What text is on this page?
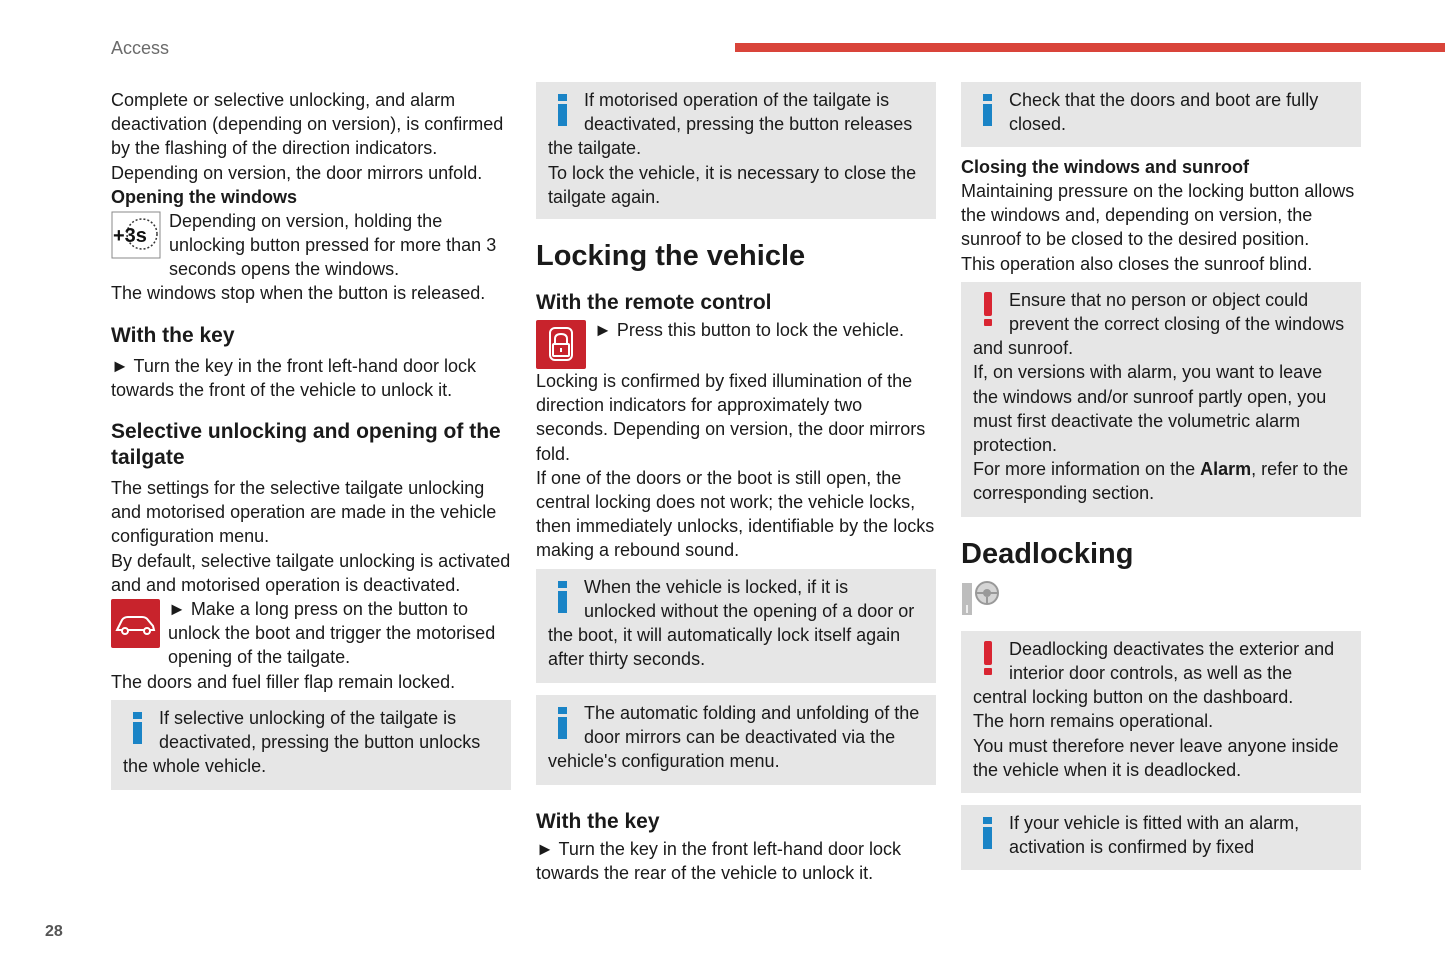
Access
28

Complete or selective unlocking, and alarm deactivation (depending on version), is confirmed by the flashing of the direction indicators.

Depending on version, the door mirrors unfold.

Opening the windows
+3s

Depending on version, holding the unlocking button pressed for more than 3 seconds opens the windows.

The windows stop when the button is released.

With the key

► Turn the key in the front left-hand door lock towards the front of the vehicle to unlock it.

Selective unlocking and opening of the tailgate

The settings for the selective tailgate unlocking and motorised operation are made in the vehicle configuration menu.

By default, selective tailgate unlocking is activated and and motorised operation is deactivated.

► Make a long press on the button to unlock the boot and trigger the motorised opening of the tailgate.

The doors and fuel filler flap remain locked.

If selective unlocking of the tailgate is deactivated, pressing the button unlocks the whole vehicle.

If motorised operation of the tailgate is deactivated, pressing the button releases the tailgate.

To lock the vehicle, it is necessary to close the tailgate again.

Locking the vehicle
With the remote control

► Press this button to lock the vehicle.

Locking is confirmed by fixed illumination of the direction indicators for approximately two seconds. Depending on version, the door mirrors fold.

If one of the doors or the boot is still open, the central locking does not work; the vehicle locks, then immediately unlocks, identifiable by the locks making a rebound sound.

When the vehicle is locked, if it is unlocked without the opening of a door or the boot, it will automatically lock itself again after thirty seconds.

The automatic folding and unfolding of the door mirrors can be deactivated via the vehicle's configuration menu.

With the key

► Turn the key in the front left-hand door lock towards the rear of the vehicle to unlock it.

Check that the doors and boot are fully closed.

Closing the windows and sunroof

Maintaining pressure on the locking button allows the windows and, depending on version, the sunroof to be closed to the desired position.

This operation also closes the sunroof blind.

Ensure that no person or object could prevent the correct closing of the windows and sunroof.

If, on versions with alarm, you want to leave the windows and/or sunroof partly open, you must first deactivate the volumetric alarm protection.

For more information on the Alarm, refer to the corresponding section.

Deadlocking

Deadlocking deactivates the exterior and interior door controls, as well as the central locking button on the dashboard.

The horn remains operational.

You must therefore never leave anyone inside the vehicle when it is deadlocked.

If your vehicle is fitted with an alarm, activation is confirmed by fixed
